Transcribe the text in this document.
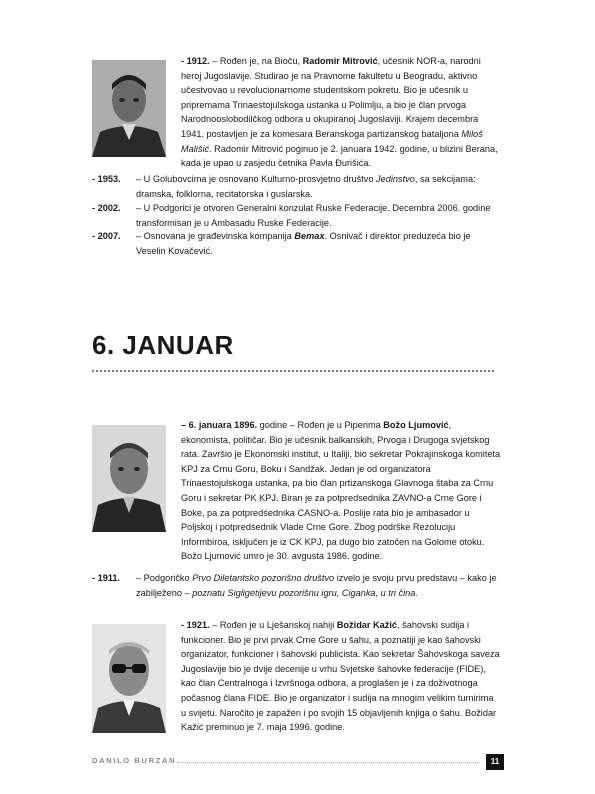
- 1912. – Rođen je, na Bioču, Radomir Mitrović, učesnik NOR-a, narodni heroj Jugoslavije. Studirao je na Pravnome fakultetu u Beogradu, aktivno učestvovao u revolucionarnome studentskom pokretu. Bio je učesnik u pripremama Trinaestojulskoga ustanka u Polimlju, a bio je član prvoga Narodnooslobodilčkog odbora u okupiranoj Jugoslaviji. Krajem decembra 1941. postavljen je za komesara Beranskoga partizanskog bataljona Miloš Mališić. Radomir Mitrović poginuo je 2. januara 1942. godine, u blizini Berana, kada je upao u zasjedu četnika Pavla Đurišića.
- 1953. – U Golubovcima je osnovano Kulturno-prosvjetno društvo Jedinstvo, sa sekcijama: dramska, folklorna, recitatorska i guslarska.
- 2002. – U Podgorici je otvoren Generalni konzulat Ruske Federacije. Decembra 2006. godine transformisan je u Ambasadu Ruske Federacije.
- 2007. – Osnovana je građevinska kompanija Bemax. Osnivač i direktor preduzeća bio je Veselin Kovačević.
6. JANUAR
– 6. januara 1896. godine – Rođen je u Piperima Božo Ljumović, ekonomista, političar. Bio je učesnik balkanskih, Prvoga i Drugoga svjetskog rata. Završio je Ekonomski institut, u Italiji, bio sekretar Pokrajinskoga komiteta KPJ za Crnu Goru, Boku i Sandžak. Jedan je od organizatora Trinaestojulskoga ustanka, pa bio član prtizanskoga Glavnoga štaba za Crnu Goru i sekretar PK KPJ. Biran je za potpredsednika ZAVNO-a Crne Gore i Boke, pa za potpredśednika CASNO-a. Poslije rata bio je ambasador u Poljskoj i potpredśednik Vlade Crne Gore. Zbog podrške Rezoluciju Informbiroa, isključen je iz CK KPJ, pa dugo bio zatočen na Golome otoku. Božo Ljumović umro je 30. avgusta 1986. godine.
- 1911. – Podgoričko Prvo Diletantsko pozorišno društvo izvelo je svoju prvu predstavu – kako je zabilježeno – poznatu Sigligetijevu pozorišnu igru, Ciganka, u tri čina.
- 1921. – Rođen je u Lješanskoj nahiji Božidar Kažić, šahovski sudija i funkcioner. Bio je prvi prvak Crne Gore u šahu, a poznatiji je kao šahovski organizator, funkcioner i šahovski publicista. Kao sekretar Šahovskoga saveza Jugoslavije bio je dvije decenije u vrhu Svjetske šahovke federacije (FIDE), kao član Centralnoga i Izvršnoga odbora, a proglašen je i za doživotnoga počasnog člana FIDE. Bio je organizator i sudija na mnogim velikim turnirima u svijetu. Naročito je zapažen i po svojih 15 objavljenih knjiga o šahu. Božidar Kažić preminuo je 7. maja 1996. godine.
DANILO BURZAN	11
